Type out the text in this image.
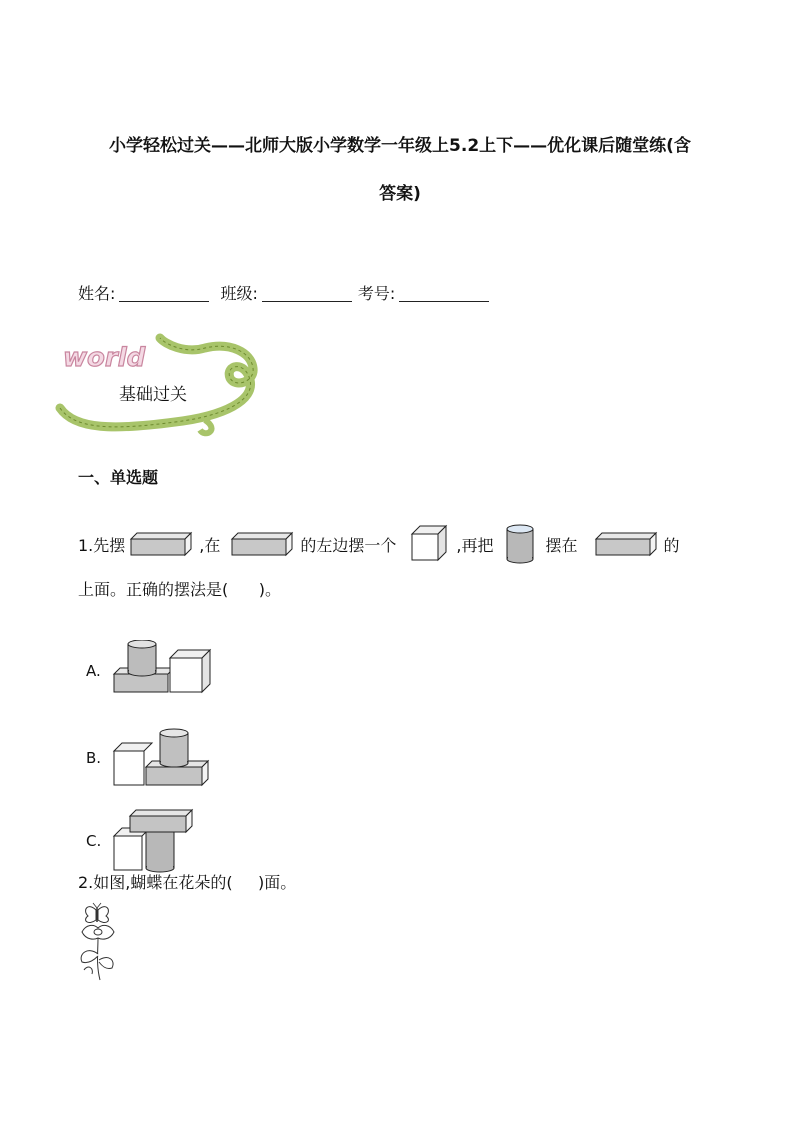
小学轻松过关——北师大版小学数学一年级上5.2上下——优化课后随堂练(含
答案)
姓名:	班级:	考号:
world
基础过关
一、单选题
1.先摆	,在	的左边摆一个	,再把	摆在	的
上面。正确的摆法是(      )。
A.
B.
C.
2.如图,蝴蝶在花朵的(     )面。
